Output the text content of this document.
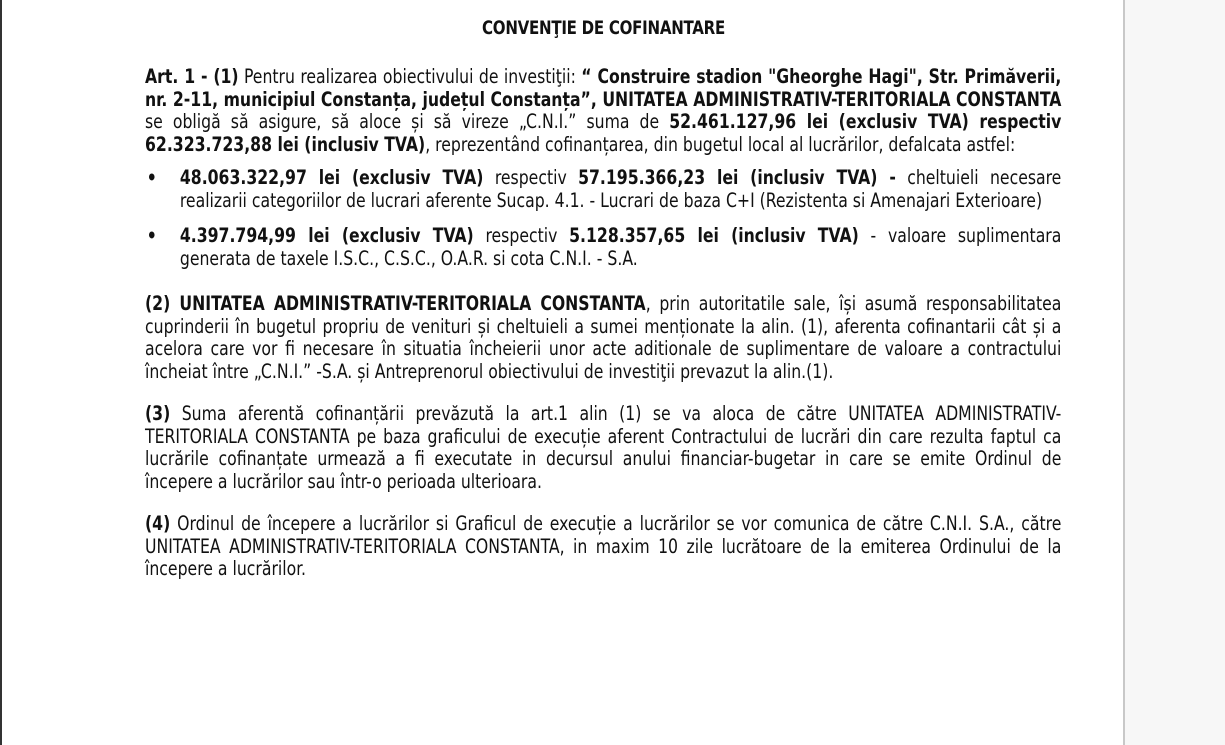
CONVENŢIE DE COFINANTARE

Art. 1 - (1) Pentru realizarea obiectivului de investiţii: “ Construire stadion "Gheorghe Hagi", Str. Primăverii, nr. 2-11, municipiul Constanța, județul Constanța”, UNITATEA ADMINISTRATIV-TERITORIALA CONSTANTA se obligă să asigure, să aloce și să vireze „C.N.I.” suma de 52.461.127,96 lei (exclusiv TVA) respectiv 62.323.723,88 lei (inclusiv TVA), reprezentând cofinanțarea, din bugetul local al lucrărilor, defalcata astfel:

• 48.063.322,97 lei (exclusiv TVA) respectiv 57.195.366,23 lei (inclusiv TVA) - cheltuieli necesare realizarii categoriilor de lucrari aferente Sucap. 4.1. - Lucrari de baza C+I (Rezistenta si Amenajari Exterioare)
• 4.397.794,99 lei (exclusiv TVA) respectiv 5.128.357,65 lei (inclusiv TVA) - valoare suplimentara generata de taxele I.S.C., C.S.C., O.A.R. si cota C.N.I. - S.A.

(2) UNITATEA ADMINISTRATIV-TERITORIALA CONSTANTA, prin autoritatile sale, își asumă responsabilitatea cuprinderii în bugetul propriu de venituri și cheltuieli a sumei menționate la alin. (1), aferenta cofinantarii cât și a acelora care vor fi necesare în situatia încheierii unor acte aditionale de suplimentare de valoare a contractului încheiat între „C.N.I.” -S.A. și Antreprenorul obiectivului de investiţii prevazut la alin.(1).

(3) Suma aferentă cofinanțării prevăzută la art.1 alin (1) se va aloca de către UNITATEA ADMINISTRATIV-TERITORIALA CONSTANTA pe baza graficului de execuție aferent Contractului de lucrări din care rezulta faptul ca lucrările cofinanțate urmează a fi executate in decursul anului financiar-bugetar in care se emite Ordinul de începere a lucrărilor sau într-o perioada ulterioara.

(4) Ordinul de începere a lucrărilor si Graficul de execuție a lucrărilor se vor comunica de către C.N.I. S.A., către UNITATEA ADMINISTRATIV-TERITORIALA CONSTANTA, in maxim 10 zile lucrătoare de la emiterea Ordinului de la începere a lucrărilor.
